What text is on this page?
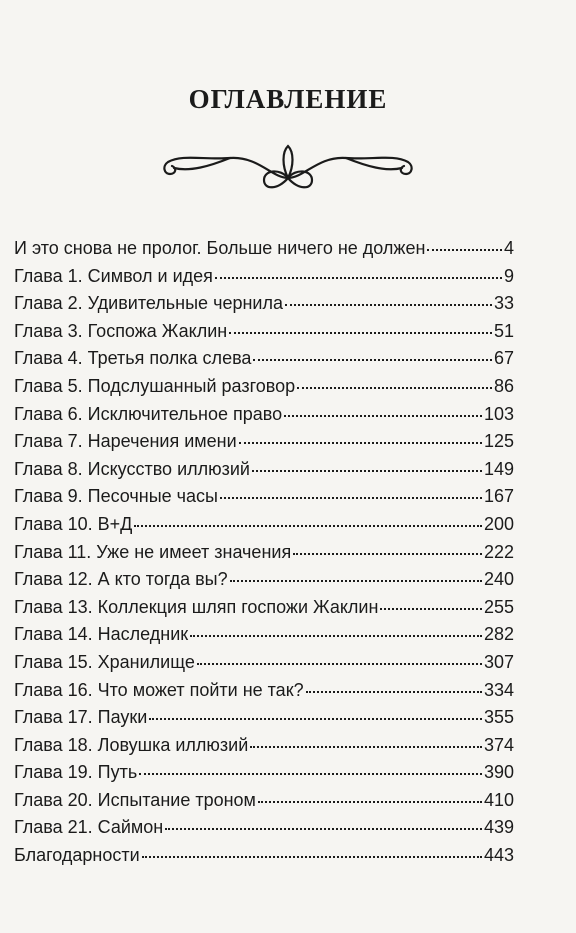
ОГЛАВЛЕНИЕ
И это снова не пролог. Больше ничего не должен	4
Глава 1. Символ и идея	9
Глава 2. Удивительные чернила	33
Глава 3. Госпожа Жаклин	51
Глава 4. Третья полка слева	67
Глава 5. Подслушанный разговор	86
Глава 6. Исключительное право	103
Глава 7. Наречения имени	125
Глава 8. Искусство иллюзий	149
Глава 9. Песочные часы	167
Глава 10. В+Д	200
Глава 11. Уже не имеет значения	222
Глава 12. А кто тогда вы?	240
Глава 13. Коллекция шляп госпожи Жаклин	255
Глава 14. Наследник	282
Глава 15. Хранилище	307
Глава 16. Что может пойти не так?	334
Глава 17. Пауки	355
Глава 18. Ловушка иллюзий	374
Глава 19. Путь	390
Глава 20. Испытание троном	410
Глава 21. Саймон	439
Благодарности	443
